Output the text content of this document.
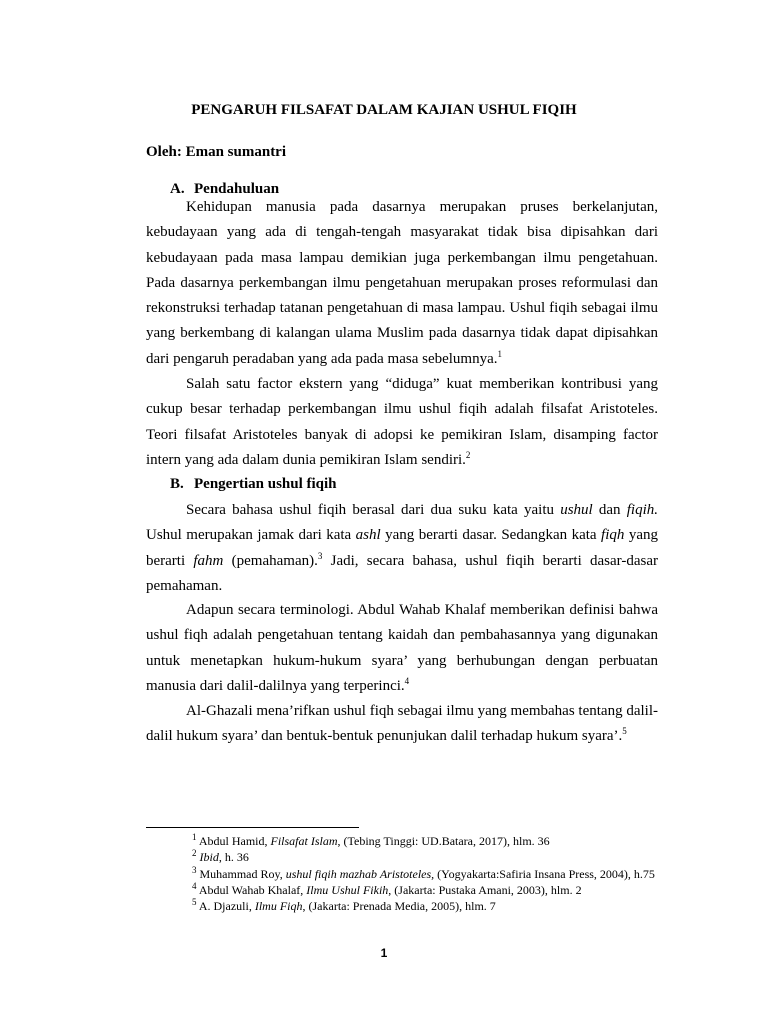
PENGARUH FILSAFAT DALAM KAJIAN USHUL FIQIH
Oleh: Eman sumantri
A. Pendahuluan

Kehidupan manusia pada dasarnya merupakan pruses berkelanjutan, kebudayaan yang ada di tengah-tengah masyarakat tidak bisa dipisahkan dari kebudayaan pada masa lampau demikian juga perkembangan ilmu pengetahuan. Pada dasarnya perkembangan ilmu pengetahuan merupakan proses reformulasi dan rekonstruksi terhadap tatanan pengetahuan di masa lampau. Ushul fiqih sebagai ilmu yang berkembang di kalangan ulama Muslim pada dasarnya tidak dapat dipisahkan dari pengaruh peradaban yang ada pada masa sebelumnya.$^1$

Salah satu factor ekstern yang “diduga” kuat memberikan kontribusi yang cukup besar terhadap perkembangan ilmu ushul fiqih adalah filsafat Aristoteles. Teori filsafat Aristoteles banyak di adopsi ke pemikiran Islam, disamping factor intern yang ada dalam dunia pemikiran Islam sendiri.$^2$

B. Pengertian ushul fiqih

Secara bahasa ushul fiqih berasal dari dua suku kata yaitu ushul dan fiqih. Ushul merupakan jamak dari kata ashl yang berarti dasar. Sedangkan kata fiqh yang berarti fahm (pemahaman).$^3$ Jadi, secara bahasa, ushul fiqih berarti dasar-dasar pemahaman.

Adapun secara terminologi. Abdul Wahab Khalaf memberikan definisi bahwa ushul fiqh adalah pengetahuan tentang kaidah dan pembahasannya yang digunakan untuk menetapkan hukum-hukum syara’ yang berhubungan dengan perbuatan manusia dari dalil-dalilnya yang terperinci.$^4$

Al-Ghazali mena’rifkan ushul fiqh sebagai ilmu yang membahas tentang dalil-dalil hukum syara’ dan bentuk-bentuk penunjukan dalil terhadap hukum syara’.$^5$

$^1$ Abdul Hamid, Filsafat Islam, (Tebing Tinggi: UD.Batara, 2017), hlm. 36

$^2$ Ibid, h. 36

$^3$ Muhammad Roy, ushul fiqih mazhab Aristoteles, (Yogyakarta:Safiria Insana Press, 2004), h.75

$^4$ Abdul Wahab Khalaf, Ilmu Ushul Fikih, (Jakarta: Pustaka Amani, 2003), hlm. 2

$^5$ A. Djazuli, Ilmu Fiqh, (Jakarta: Prenada Media, 2005), hlm. 7

1
